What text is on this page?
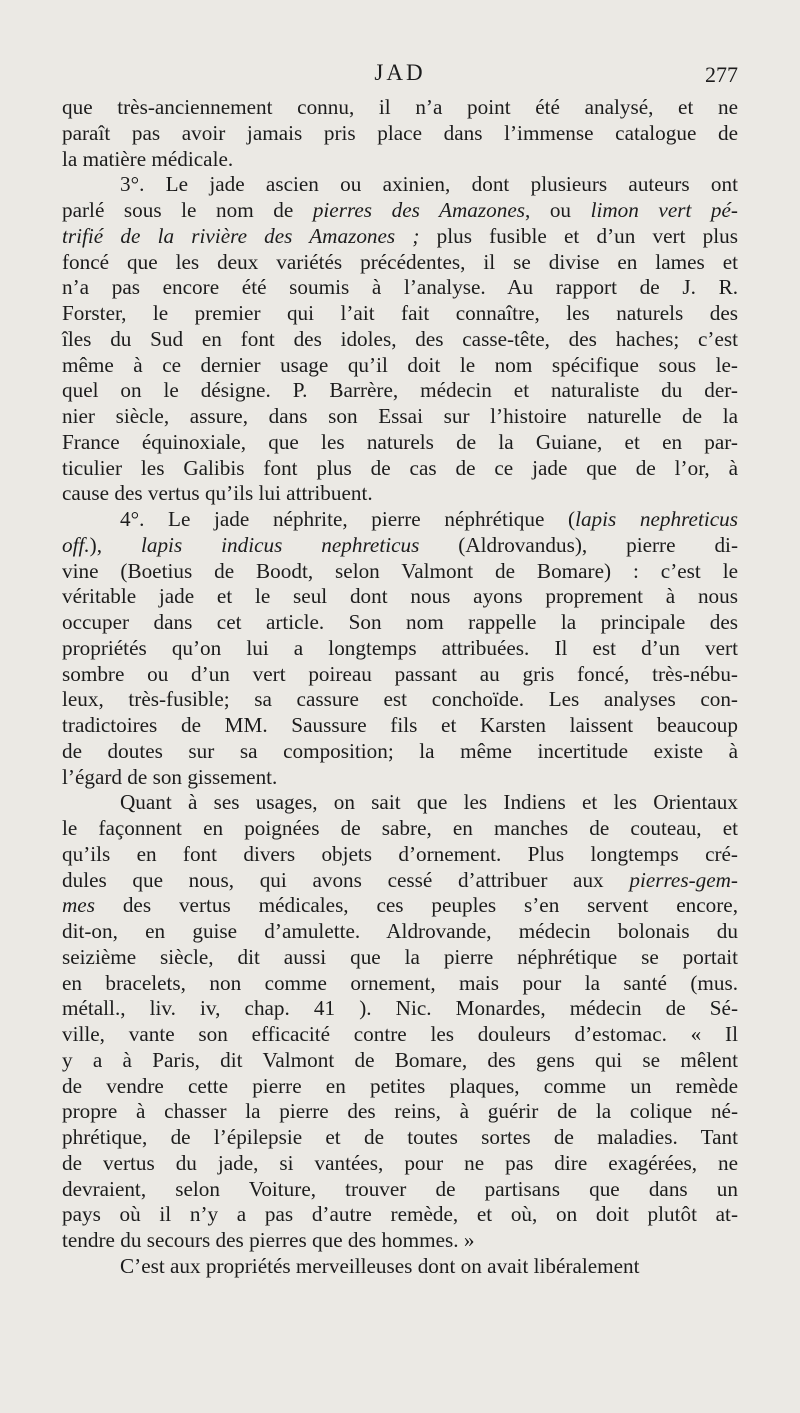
JAD	277

que très-anciennement connu, il n’a point été analysé, et ne
paraît pas avoir jamais pris place dans l’immense catalogue de
la matière médicale.

3°. Le jade ascien ou axinien, dont plusieurs auteurs ont
parlé sous le nom de pierres des Amazones, ou limon vert pé-
trifié de la rivière des Amazones ; plus fusible et d’un vert plus
foncé que les deux variétés précédentes, il se divise en lames et
n’a pas encore été soumis à l’analyse. Au rapport de J. R.
Forster, le premier qui l’ait fait connaître, les naturels des
îles du Sud en font des idoles, des casse-tête, des haches; c’est
même à ce dernier usage qu’il doit le nom spécifique sous le-
quel on le désigne. P. Barrère, médecin et naturaliste du der-
nier siècle, assure, dans son Essai sur l’histoire naturelle de la
France équinoxiale, que les naturels de la Guiane, et en par-
ticulier les Galibis font plus de cas de ce jade que de l’or, à
cause des vertus qu’ils lui attribuent.

4°. Le jade néphrite, pierre néphrétique (lapis nephreticus
off.), lapis indicus nephreticus (Aldrovandus), pierre di-
vine (Boetius de Boodt, selon Valmont de Bomare) : c’est le
véritable jade et le seul dont nous ayons proprement à nous
occuper dans cet article. Son nom rappelle la principale des
propriétés qu’on lui a longtemps attribuées. Il est d’un vert
sombre ou d’un vert poireau passant au gris foncé, très-nébu-
leux, très-fusible; sa cassure est conchoïde. Les analyses con-
tradictoires de MM. Saussure fils et Karsten laissent beaucoup
de doutes sur sa composition; la même incertitude existe à
l’égard de son gissement.

Quant à ses usages, on sait que les Indiens et les Orientaux
le façonnent en poignées de sabre, en manches de couteau, et
qu’ils en font divers objets d’ornement. Plus longtemps cré-
dules que nous, qui avons cessé d’attribuer aux pierres-gem-
mes des vertus médicales, ces peuples s’en servent encore,
dit-on, en guise d’amulette. Aldrovande, médecin bolonais du
seizième siècle, dit aussi que la pierre néphrétique se portait
en bracelets, non comme ornement, mais pour la santé (mus.
métall., liv. iv, chap. 41 ). Nic. Monardes, médecin de Sé-
ville, vante son efficacité contre les douleurs d’estomac. « Il
y a à Paris, dit Valmont de Bomare, des gens qui se mêlent
de vendre cette pierre en petites plaques, comme un remède
propre à chasser la pierre des reins, à guérir de la colique né-
phrétique, de l’épilepsie et de toutes sortes de maladies. Tant
de vertus du jade, si vantées, pour ne pas dire exagérées, ne
devraient, selon Voiture, trouver de partisans que dans un
pays où il n’y a pas d’autre remède, et où, on doit plutôt at-
tendre du secours des pierres que des hommes. »

C’est aux propriétés merveilleuses dont on avait libéralement
